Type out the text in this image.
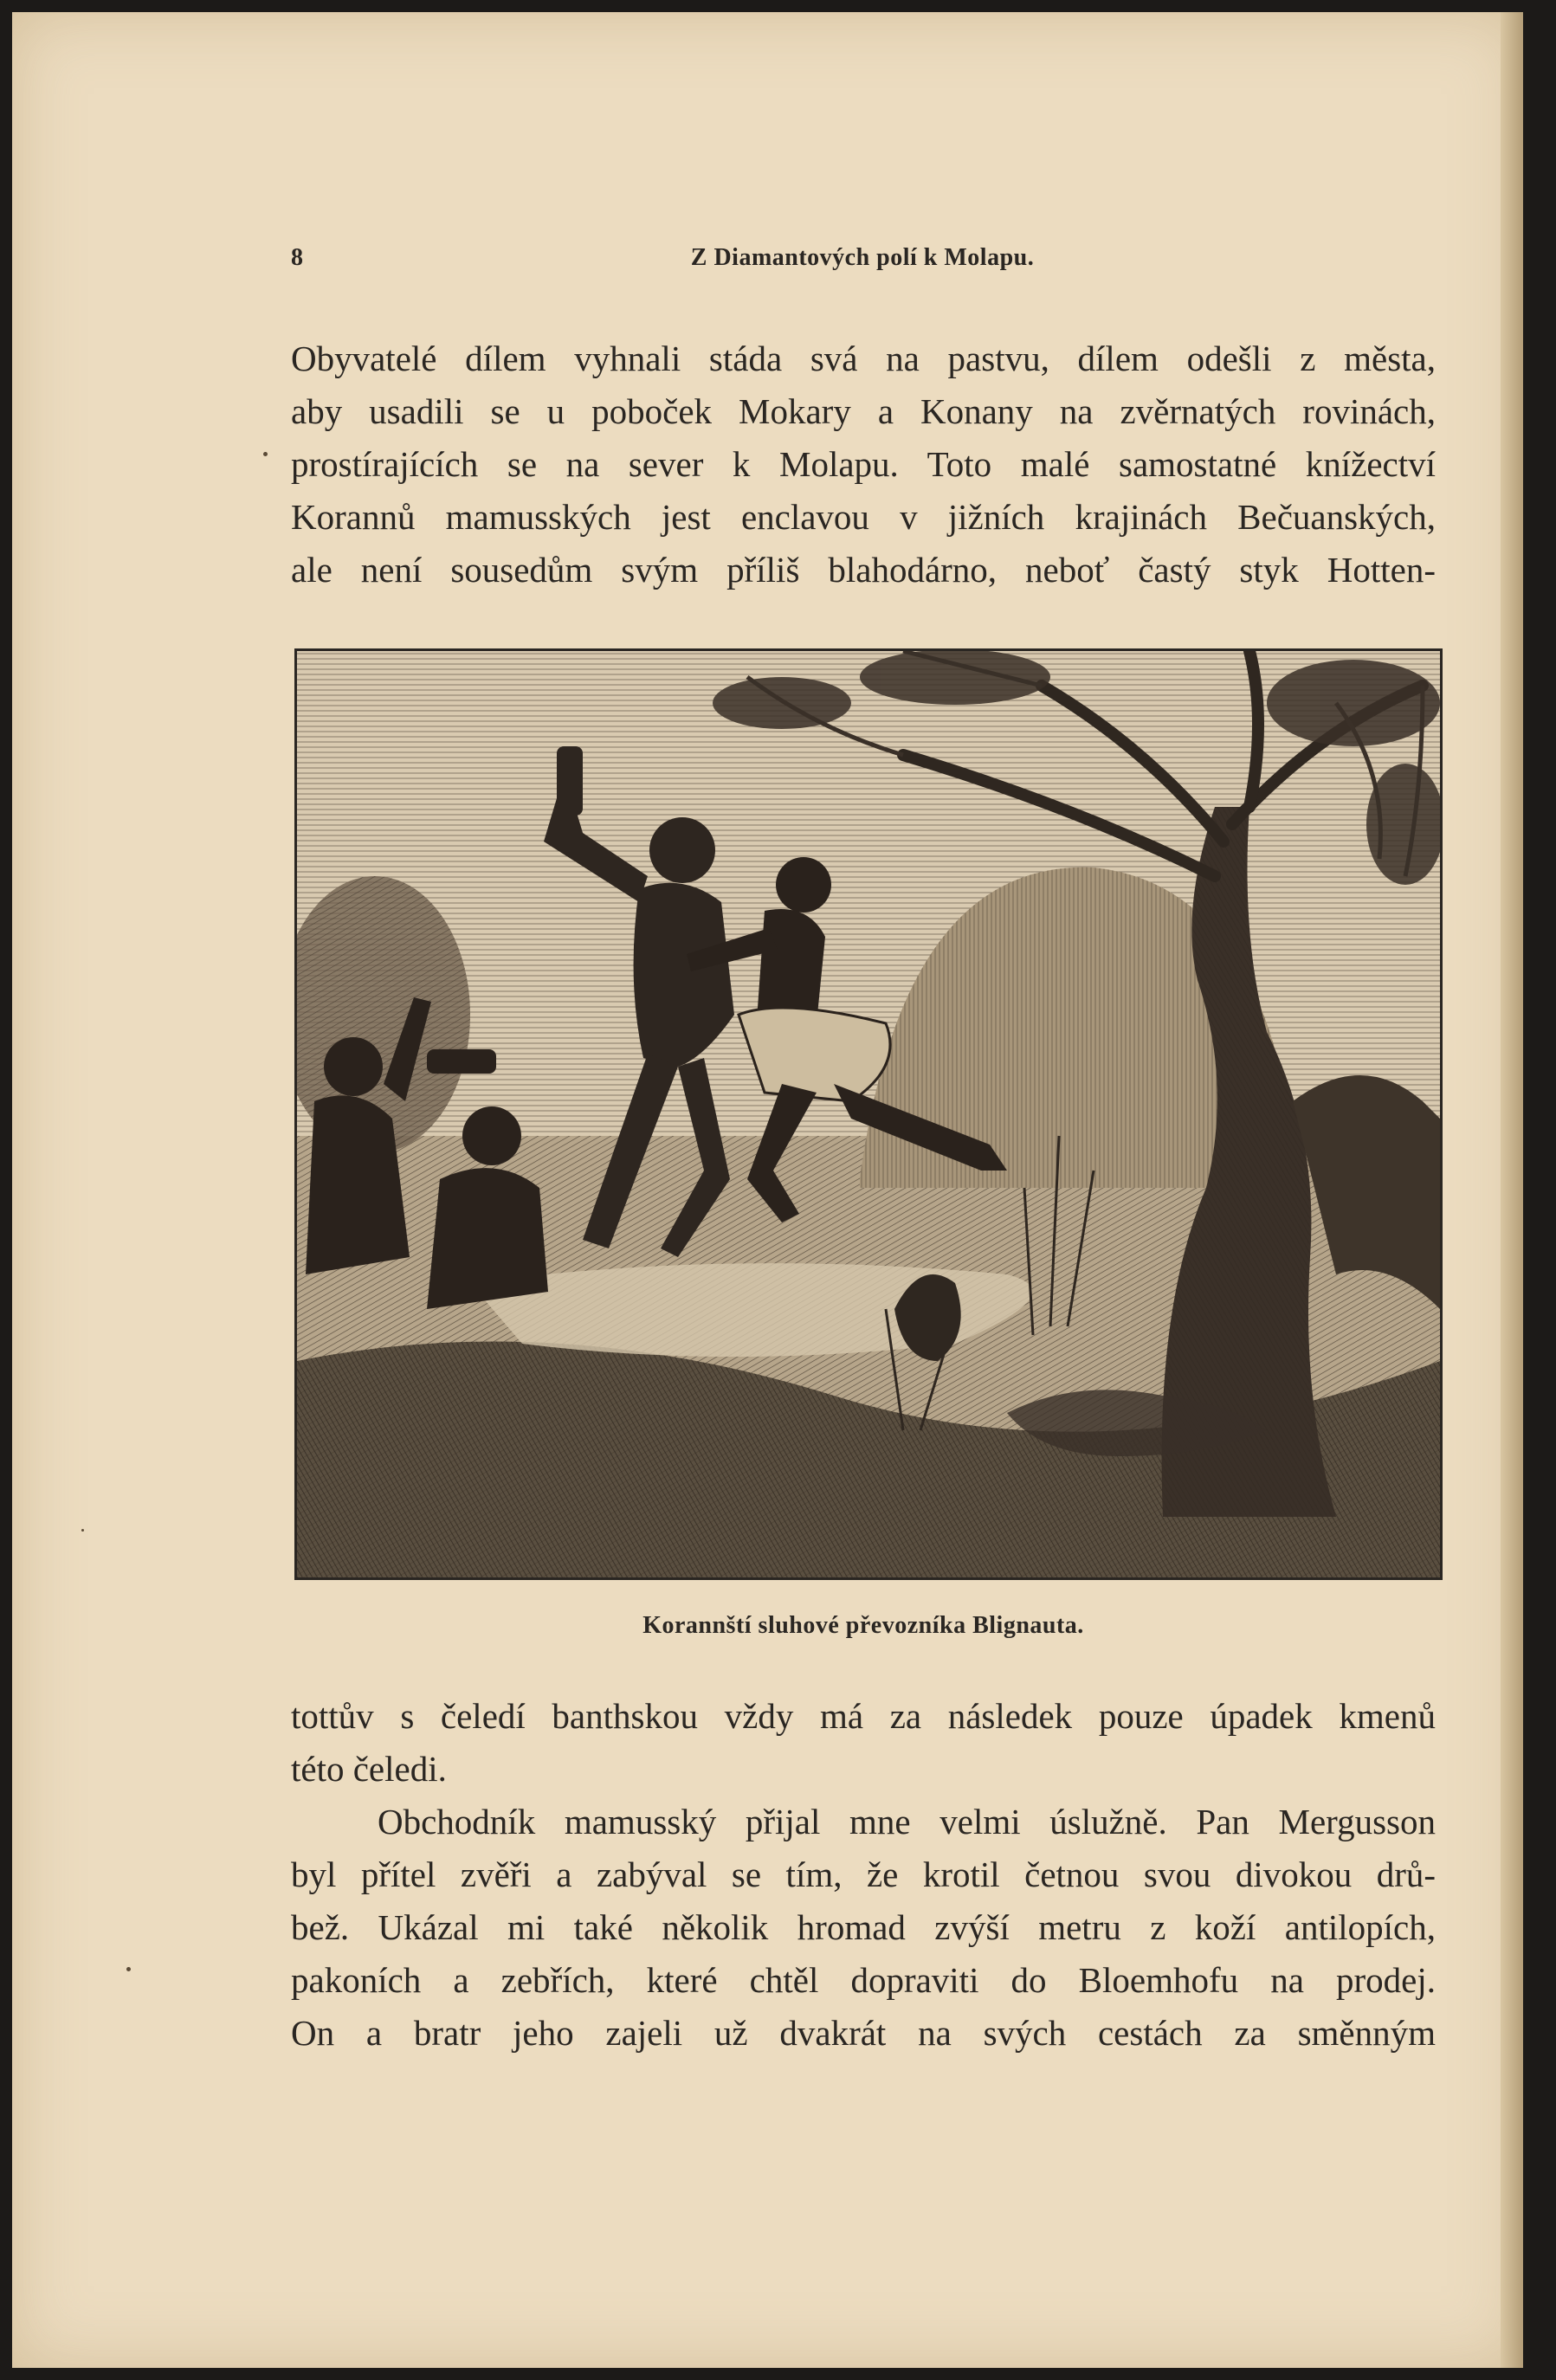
8	Z Diamantových polí k Molapu.

Obyvatelé dílem vyhnali stáda svá na pastvu, dílem odešli z města,

aby usadili se u poboček Mokary a Konany na zvěrnatých rovinách,

prostírajících se na sever k Molapu. Toto malé samostatné knížectví

Korannů mamusských jest enclavou v jižních krajinách Bečuanských,

ale není sousedům svým příliš blahodárno, neboť častý styk Hotten-

Korannští sluhové převozníka Blignauta.

tottův s čeledí banthskou vždy má za následek pouze úpadek kmenů

této čeledi.

Obchodník mamusský přijal mne velmi úslužně. Pan Mergusson

byl přítel zvěři a zabýval se tím, že krotil četnou svou divokou drů-

bež. Ukázal mi také několik hromad zvýší metru z koží antilopích,

pakoních a zebřích, které chtěl dopraviti do Bloemhofu na prodej.

On a bratr jeho zajeli už dvakrát na svých cestách za směnným
